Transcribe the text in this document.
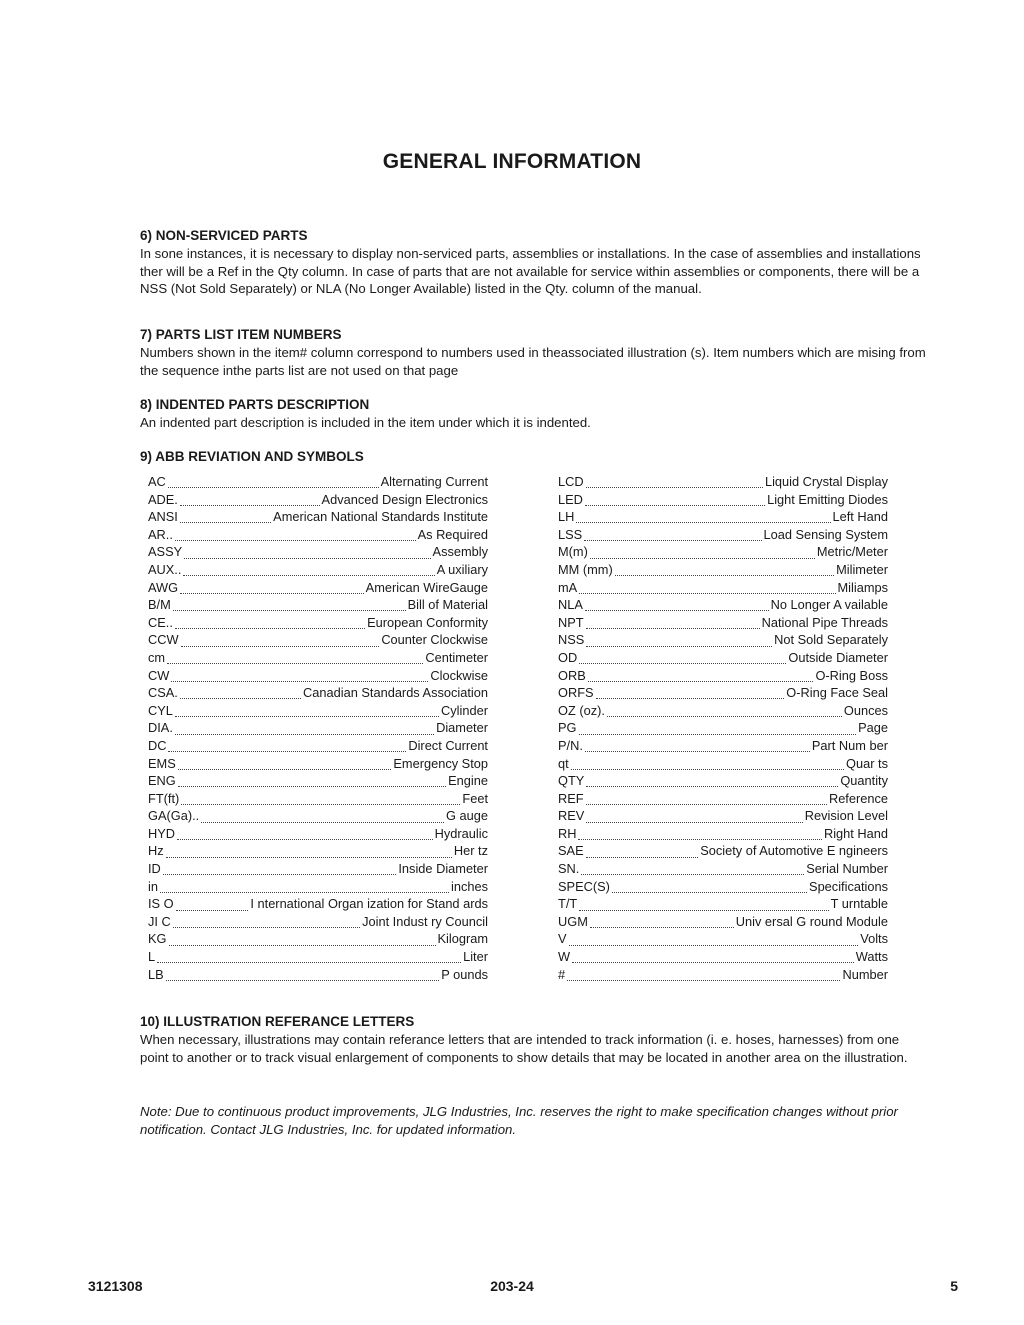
GENERAL INFORMATION
6) NON-SERVICED PARTS

In sone instances, it is necessary to display non-serviced parts, assemblies or installations. In the case of assemblies and installations ther will be a Ref in the Qty column. In case of parts that are not available for service within assemblies or components, there will be a NSS (Not Sold Separately) or NLA (No Longer Available) listed in the Qty. column of the manual.

7) PARTS LIST ITEM NUMBERS

Numbers shown in the item# column correspond to numbers used in theassociated illustration (s). Item numbers which are mising from the sequence inthe parts list are not used on that page

8) INDENTED PARTS DESCRIPTION

An indented part description is included in the item under which it is indented.

9) ABB REVIATION AND SYMBOLS
AC	Alternating Current
ADE.	Advanced Design Electronics
ANSI	American National Standards Institute
AR..	As Required
ASSY	Assembly
AUX..	A uxiliary
AWG	American WireGauge
B/M	Bill of Material
CE..	European Conformity
CCW	Counter Clockwise
cm	Centimeter
CW	Clockwise
CSA.	Canadian Standards Association
CYL	Cylinder
DIA.	Diameter
DC	Direct Current
EMS	Emergency Stop
ENG	Engine
FT(ft)	Feet
GA(Ga)..	G auge
HYD	Hydraulic
Hz	Her tz
ID	Inside Diameter
in	inches
IS O	I nternational Organ ization for Stand ards
JI C	Joint Indust ry Council
KG	Kilogram
L	Liter
LB	P ounds
LCD	Liquid Crystal Display
LED	Light Emitting Diodes
LH	Left Hand
LSS	Load Sensing System
M(m)	Metric/Meter
MM (mm)	Milimeter
mA	Miliamps
NLA	No Longer A vailable
NPT	National Pipe Threads
NSS	Not Sold Separately
OD	Outside Diameter
ORB	O-Ring Boss
ORFS	O-Ring Face Seal
OZ (oz).	Ounces
PG	Page
P/N.	Part Num ber
qt	Quar ts
QTY	Quantity
REF	Reference
REV	Revision Level
RH	Right Hand
SAE	Society of Automotive E ngineers
SN.	Serial Number
SPEC(S)	Specifications
T/T	T urntable
UGM	Univ ersal G round Module
V	Volts
W	Watts
#	Number
10) ILLUSTRATION REFERANCE LETTERS

When necessary, illustrations may contain referance letters that are intended to track information (i. e. hoses, harnesses) from one point to another or to track visual enlargement of components to show details that may be located in another area on the illustration.

Note: Due to continuous product improvements, JLG Industries, Inc. reserves the right to make specification changes without prior notification. Contact JLG Industries, Inc. for updated information.
3121308	203-24	5
